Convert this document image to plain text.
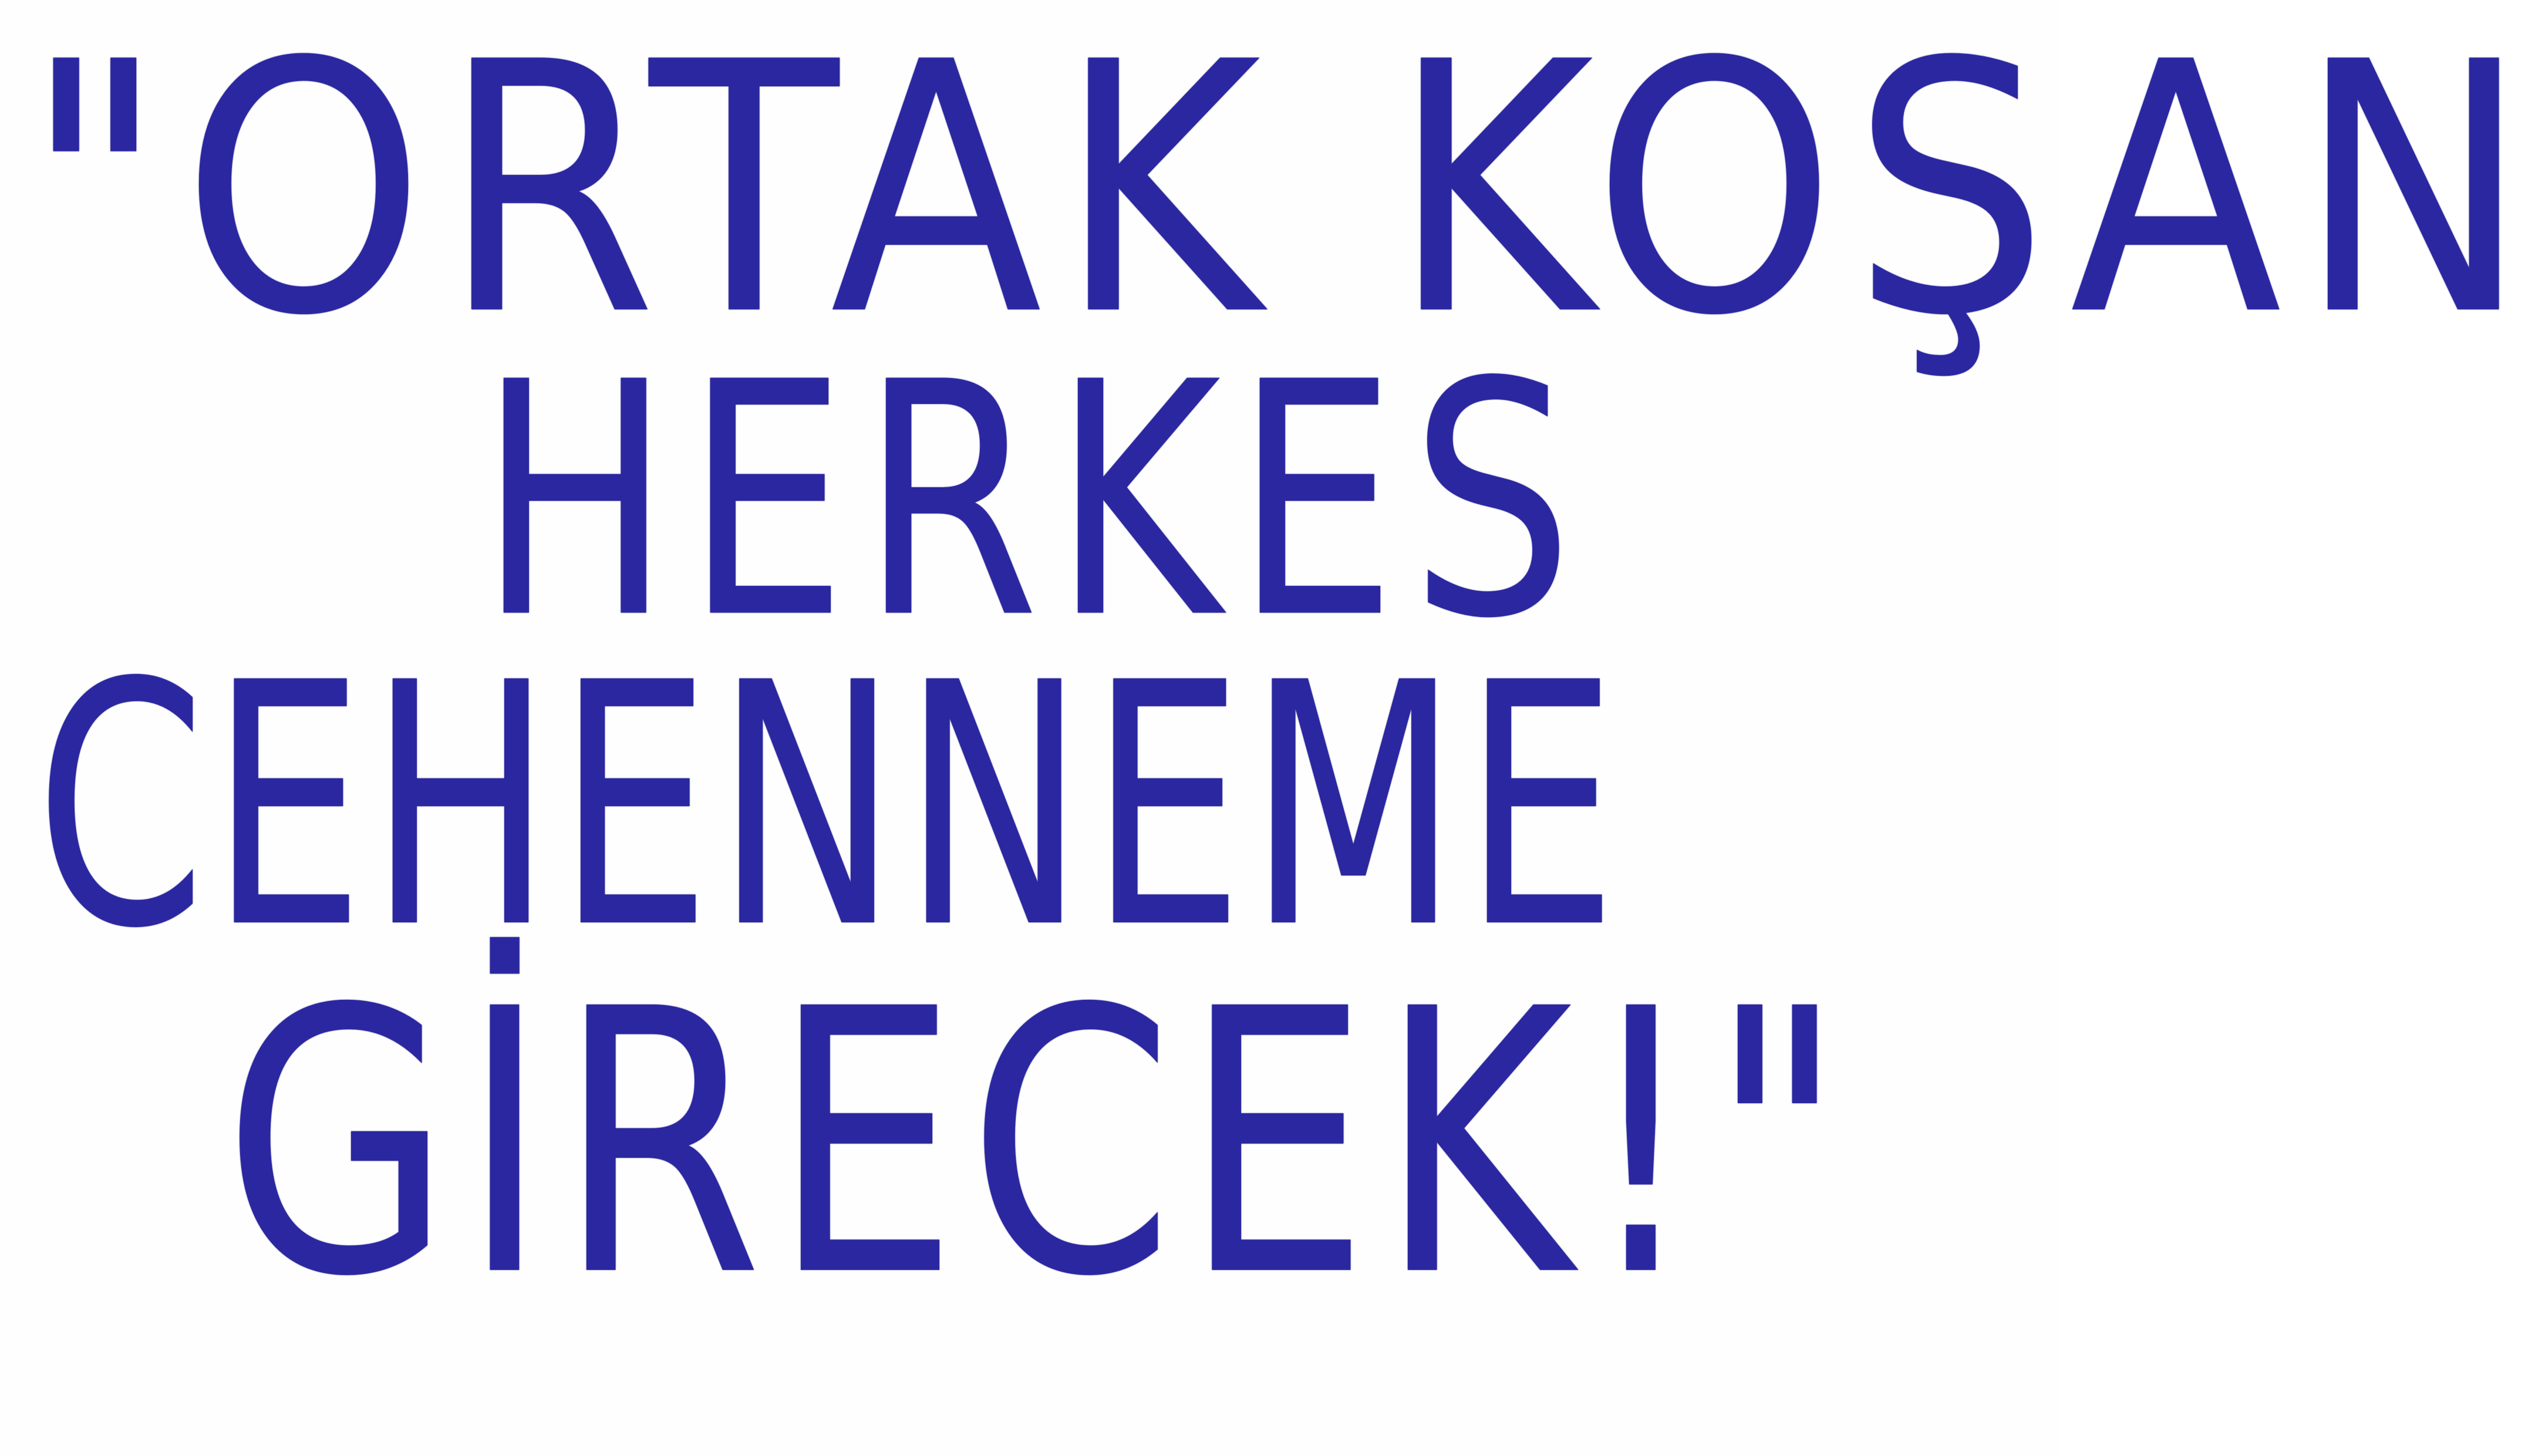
"ORTAK KOŞAN
HERKES
CEHENNEME
GİRECEK!"
